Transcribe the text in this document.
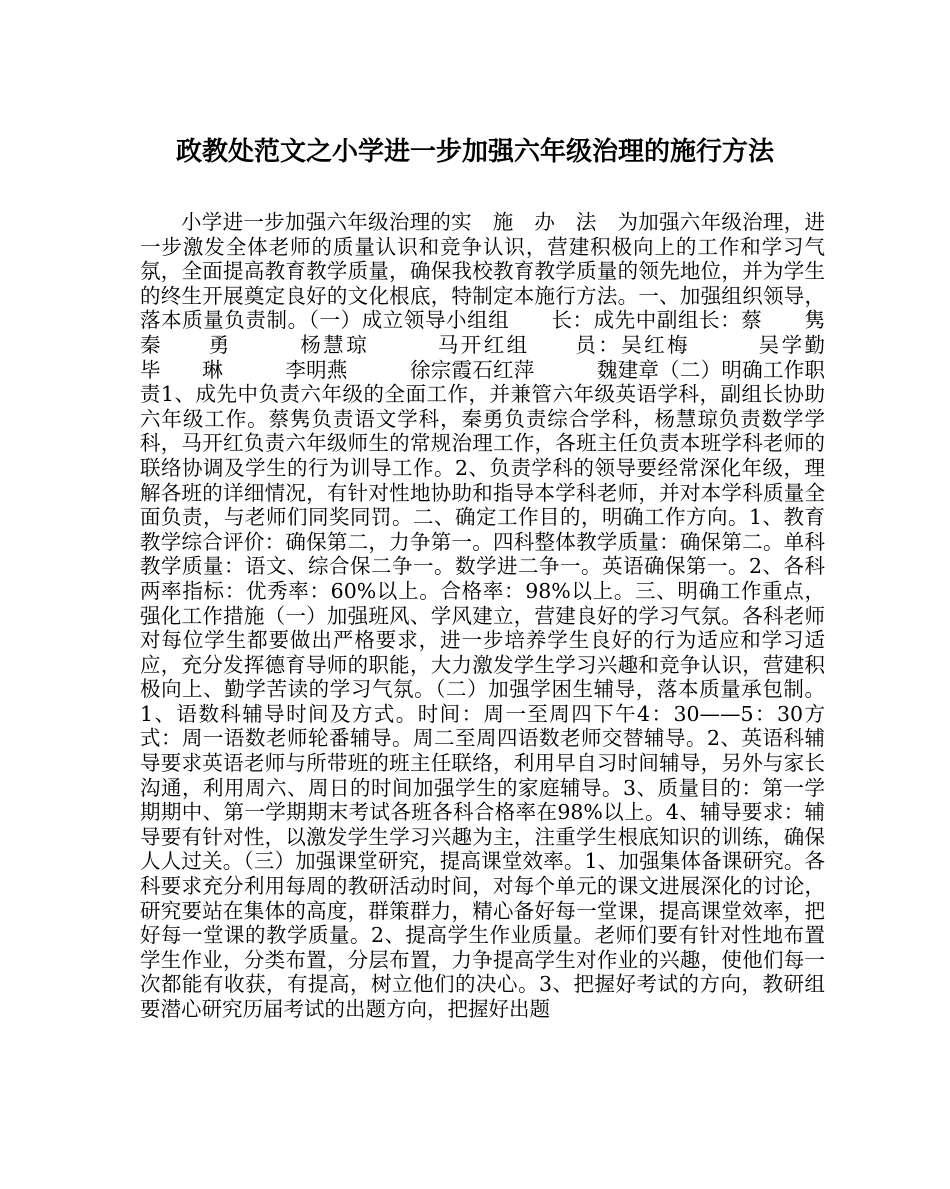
政教处范文之小学进一步加强六年级治理的施行方法

小学进一步加强六年级治理的实　施　办　法　为加强六年级治理，进一步激发全体老师的质量认识和竞争认识，营建积极向上的工作和学习气氛，全面提高教育教学质量，确保我校教育教学质量的领先地位，并为学生的终生开展奠定良好的文化根底，特制定本施行方法。一、加强组织领导，落本质量负责制。（一）成立领导小组组　　长：成先中副组长：蔡　　隽　　　秦　　勇　　　杨慧琼　　　马开红组　　员：吴红梅　　　吴学勤　　　毕　　琳　　　李明燕　　　徐宗霞石红萍　　　魏建章（二）明确工作职责1、成先中负责六年级的全面工作，并兼管六年级英语学科，副组长协助六年级工作。蔡隽负责语文学科，秦勇负责综合学科，杨慧琼负责数学学科，马开红负责六年级师生的常规治理工作，各班主任负责本班学科老师的联络协调及学生的行为训导工作。2、负责学科的领导要经常深化年级，理解各班的详细情况，有针对性地协助和指导本学科老师，并对本学科质量全面负责，与老师们同奖同罚。二、确定工作目的，明确工作方向。1、教育教学综合评价：确保第二，力争第一。四科整体教学质量：确保第二。单科教学质量：语文、综合保二争一。数学进二争一。英语确保第一。2、各科两率指标：优秀率：60%以上。合格率：98%以上。三、明确工作重点，强化工作措施（一）加强班风、学风建立，营建良好的学习气氛。各科老师对每位学生都要做出严格要求，进一步培养学生良好的行为适应和学习适应，充分发挥德育导师的职能，大力激发学生学习兴趣和竞争认识，营建积极向上、勤学苦读的学习气氛。（二）加强学困生辅导，落本质量承包制。1、语数科辅导时间及方式。时间：周一至周四下午4：30——5：30方式：周一语数老师轮番辅导。周二至周四语数老师交替辅导。2、英语科辅导要求英语老师与所带班的班主任联络，利用早自习时间辅导，另外与家长沟通，利用周六、周日的时间加强学生的家庭辅导。3、质量目的：第一学期期中、第一学期期末考试各班各科合格率在98%以上。4、辅导要求：辅导要有针对性，以激发学生学习兴趣为主，注重学生根底知识的训练，确保人人过关。（三）加强课堂研究，提高课堂效率。1、加强集体备课研究。各科要求充分利用每周的教研活动时间，对每个单元的课文进展深化的讨论，研究要站在集体的高度，群策群力，精心备好每一堂课，提高课堂效率，把好每一堂课的教学质量。2、提高学生作业质量。老师们要有针对性地布置学生作业，分类布置，分层布置，力争提高学生对作业的兴趣，使他们每一次都能有收获，有提高，树立他们的决心。3、把握好考试的方向，教研组要潜心研究历届考试的出题方向，把握好出题
